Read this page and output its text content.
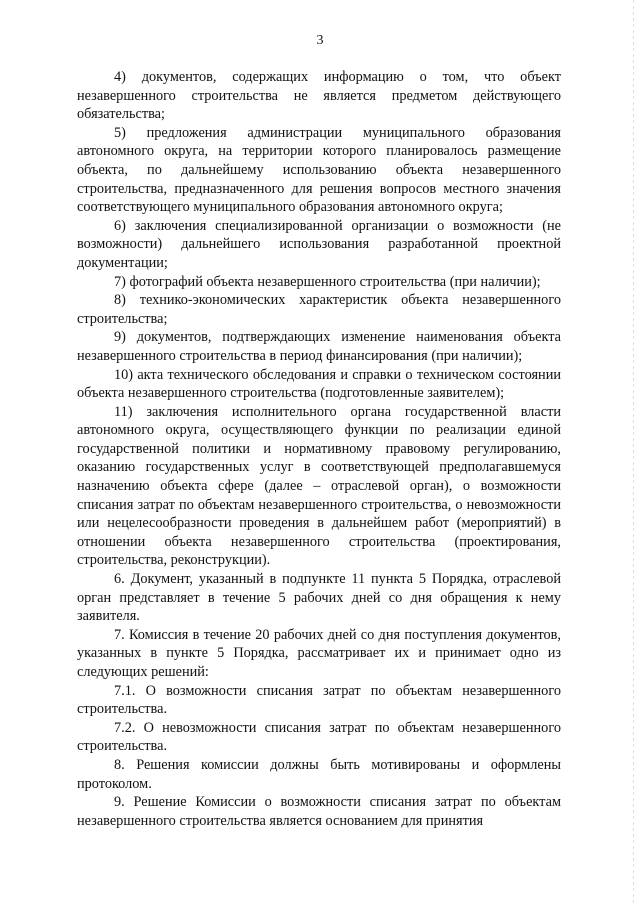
3

4) документов, содержащих информацию о том, что объект незавершенного строительства не является предметом действующего обязательства;

5) предложения администрации муниципального образования автономного округа, на территории которого планировалось размещение объекта, по дальнейшему использованию объекта незавершенного строительства, предназначенного для решения вопросов местного значения соответствующего муниципального образования автономного округа;

6) заключения специализированной организации о возможности (не возможности) дальнейшего использования разработанной проектной документации;

7) фотографий объекта незавершенного строительства (при наличии);

8) технико-экономических характеристик объекта незавершенного строительства;

9) документов, подтверждающих изменение наименования объекта незавершенного строительства в период финансирования (при наличии);

10) акта технического обследования и справки о техническом состоянии объекта незавершенного строительства (подготовленные заявителем);

11) заключения исполнительного органа государственной власти автономного округа, осуществляющего функции по реализации единой государственной политики и нормативному правовому регулированию, оказанию государственных услуг в соответствующей предполагавшемуся назначению объекта сфере (далее – отраслевой орган), о возможности списания затрат по объектам незавершенного строительства, о невозможности или нецелесообразности проведения в дальнейшем работ (мероприятий) в отношении объекта незавершенного строительства (проектирования, строительства, реконструкции).

6. Документ, указанный в подпункте 11 пункта 5 Порядка, отраслевой орган представляет в течение 5 рабочих дней со дня обращения к нему заявителя.

7. Комиссия в течение 20 рабочих дней со дня поступления документов, указанных в пункте 5 Порядка, рассматривает их и принимает одно из следующих решений:

7.1. О возможности списания затрат по объектам незавершенного строительства.

7.2. О невозможности списания затрат по объектам незавершенного строительства.

8. Решения комиссии должны быть мотивированы и оформлены протоколом.

9. Решение Комиссии о возможности списания затрат по объектам незавершенного строительства является основанием для принятия
